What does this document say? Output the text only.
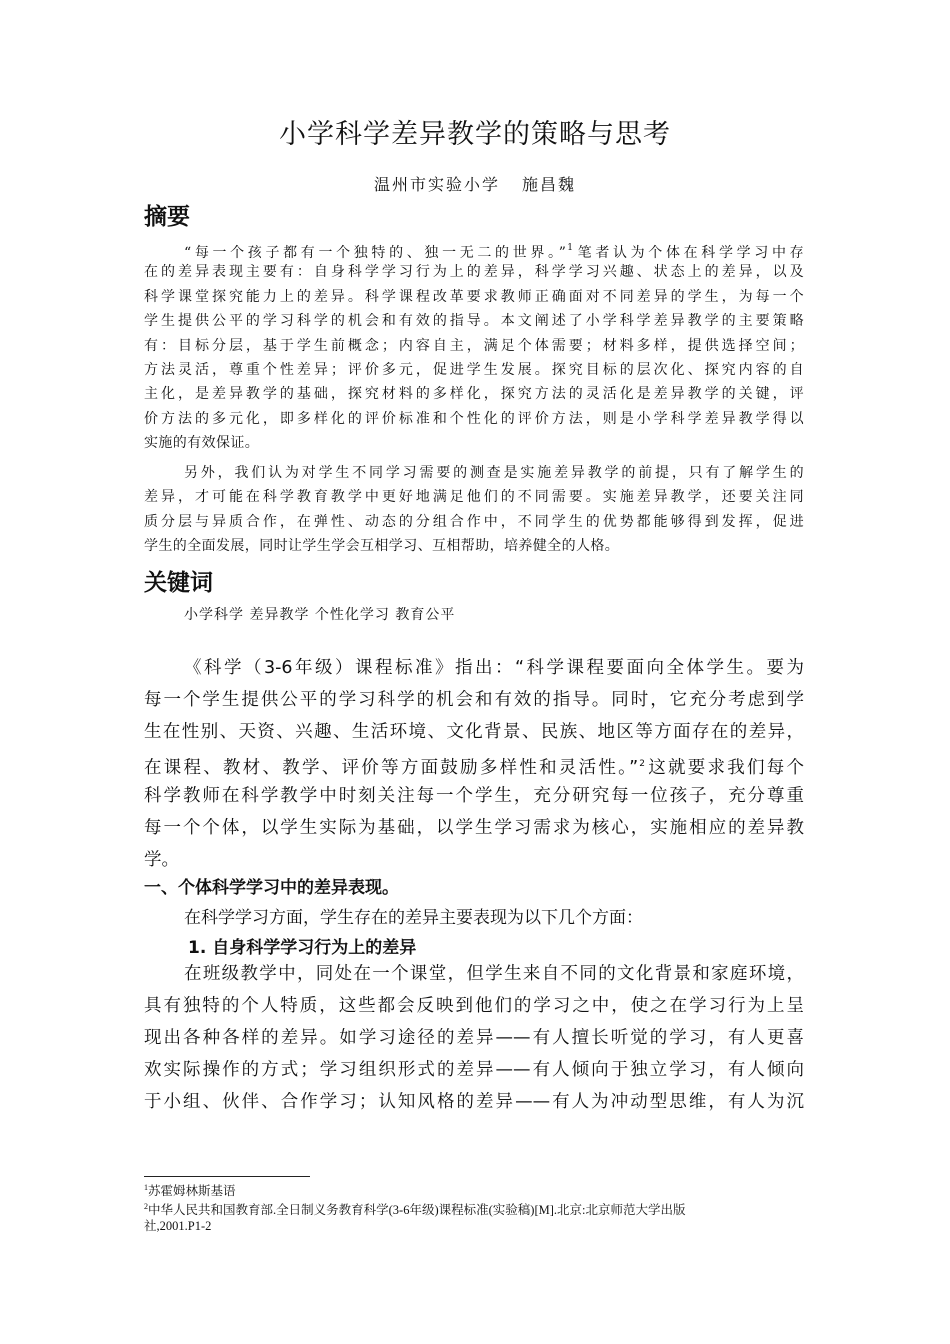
小学科学差异教学的策略与思考
温州市实验小学 施昌魏
摘要
“每一个孩子都有一个独特的、独一无二的世界。”$^1$笔者认为个体在科学学习中存
在的差异表现主要有：自身科学学习行为上的差异，科学学习兴趣、状态上的差异，以及
科学课堂探究能力上的差异。科学课程改革要求教师正确面对不同差异的学生，为每一个
学生提供公平的学习科学的机会和有效的指导。本文阐述了小学科学差异教学的主要策略
有：目标分层，基于学生前概念；内容自主，满足个体需要；材料多样，提供选择空间；
方法灵活，尊重个性差异；评价多元，促进学生发展。探究目标的层次化、探究内容的自
主化，是差异教学的基础，探究材料的多样化，探究方法的灵活化是差异教学的关键，评
价方法的多元化，即多样化的评价标准和个性化的评价方法，则是小学科学差异教学得以
实施的有效保证。
另外，我们认为对学生不同学习需要的测查是实施差异教学的前提，只有了解学生的
差异，才可能在科学教育教学中更好地满足他们的不同需要。实施差异教学，还要关注同
质分层与异质合作，在弹性、动态的分组合作中，不同学生的优势都能够得到发挥，促进
学生的全面发展，同时让学生学会互相学习、互相帮助，培养健全的人格。
关键词
小学科学 差异教学 个性化学习 教育公平
《科学（3-6年级）课程标准》指出：“科学课程要面向全体学生。要为
每一个学生提供公平的学习科学的机会和有效的指导。同时，它充分考虑到学
生在性别、天资、兴趣、生活环境、文化背景、民族、地区等方面存在的差异，
在课程、教材、教学、评价等方面鼓励多样性和灵活性。”$^2$这就要求我们每个
科学教师在科学教学中时刻关注每一个学生，充分研究每一位孩子，充分尊重
每一个个体，以学生实际为基础，以学生学习需求为核心，实施相应的差异教
学。
一、个体科学学习中的差异表现。
在科学学习方面，学生存在的差异主要表现为以下几个方面：
1. 自身科学学习行为上的差异
在班级教学中，同处在一个课堂，但学生来自不同的文化背景和家庭环境，
具有独特的个人特质，这些都会反映到他们的学习之中，使之在学习行为上呈
现出各种各样的差异。如学习途径的差异——有人擅长听觉的学习，有人更喜
欢实际操作的方式；学习组织形式的差异——有人倾向于独立学习，有人倾向
于小组、伙伴、合作学习；认知风格的差异——有人为冲动型思维，有人为沉
$^1$苏霍姆林斯基语
$^2$中华人民共和国教育部.全日制义务教育科学(3-6年级)课程标准(实验稿)[M].北京:北京师范大学出版
社,2001.P1-2
